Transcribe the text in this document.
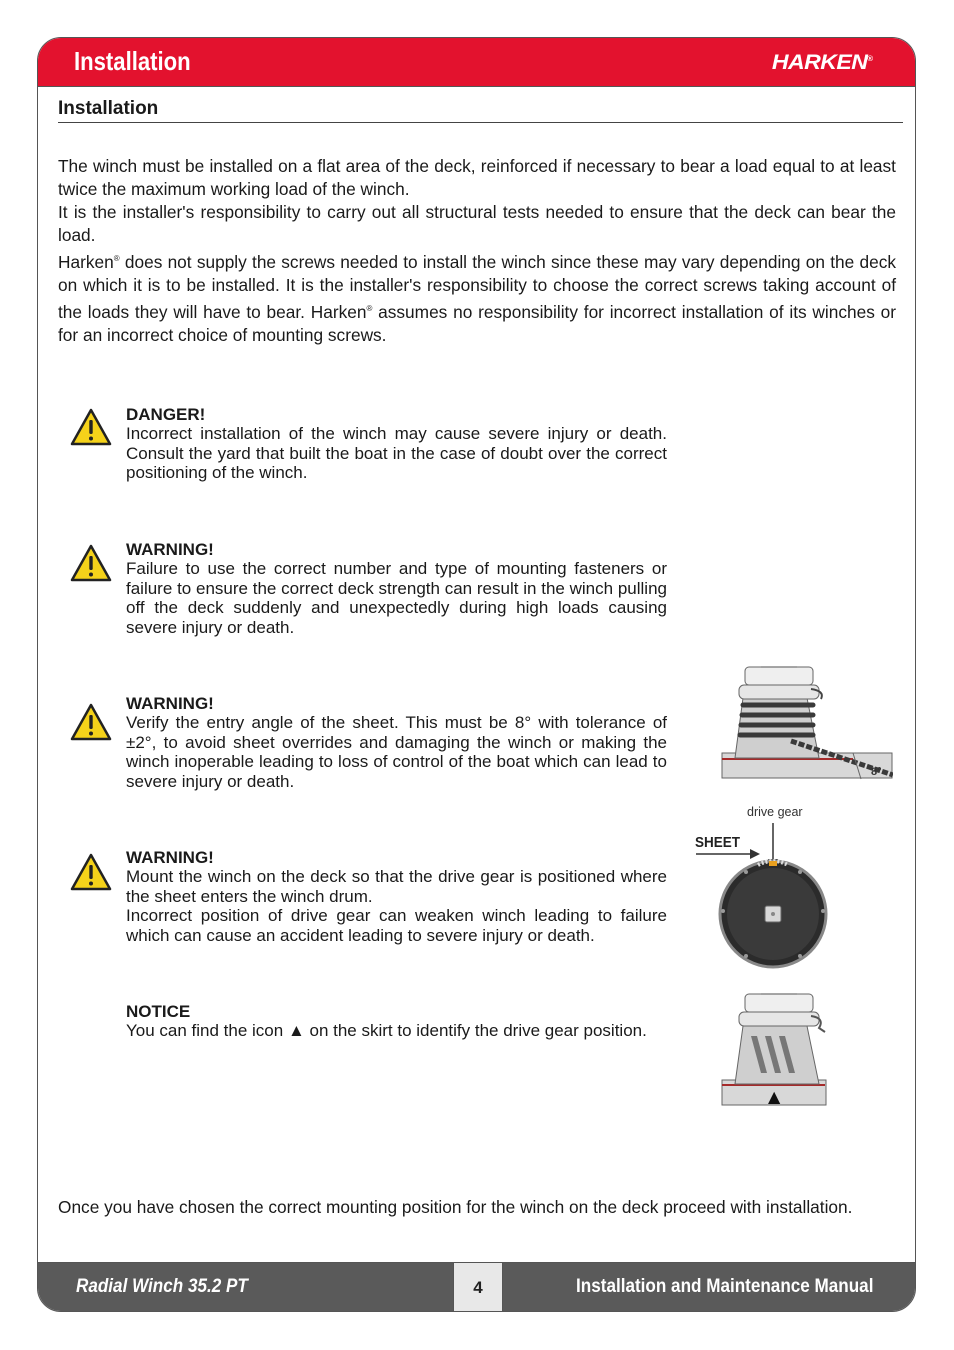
Installation	HARKEN®
Installation

The winch must be installed on a flat area of the deck, reinforced if necessary to bear a load equal to at least twice the maximum working load of the winch.

It is the installer's responsibility to carry out all structural tests needed to ensure that the deck can bear the load.

Harken® does not supply the screws needed to install the winch since these may vary depending on the deck on which it is to be installed. It is the installer's responsibility to choose the correct screws taking account of the loads they will have to bear. Harken® assumes no responsibility for incorrect installation of its winches or for an incorrect choice of mounting screws.

DANGER!

Incorrect installation of the winch may cause severe injury or death. Consult the yard that built the boat in the case of doubt over the correct positioning of the winch.

WARNING!

Failure to use the correct number and type of mounting fasteners or failure to ensure the correct deck strength can result in the winch pulling off the deck suddenly and unexpectedly during high loads causing severe injury or death.

WARNING!

Verify the entry angle of the sheet. This must be 8° with tolerance of ±2°, to avoid sheet overrides and damaging the winch or making the winch inoperable leading to loss of control of the boat which can lead to severe injury or death.

WARNING!

Mount the winch on the deck so that the drive gear is positioned where the sheet enters the winch drum.

Incorrect position of drive gear can weaken winch leading to failure which can cause an accident leading to severe injury or death.

NOTICE

You can find the icon ▲ on the skirt to identify the drive gear position.

8°
drive gear
SHEET
▲

Once you have chosen the correct mounting position for the winch on the deck proceed with installation.

Radial Winch 35.2 PT	4	Installation and Maintenance Manual
